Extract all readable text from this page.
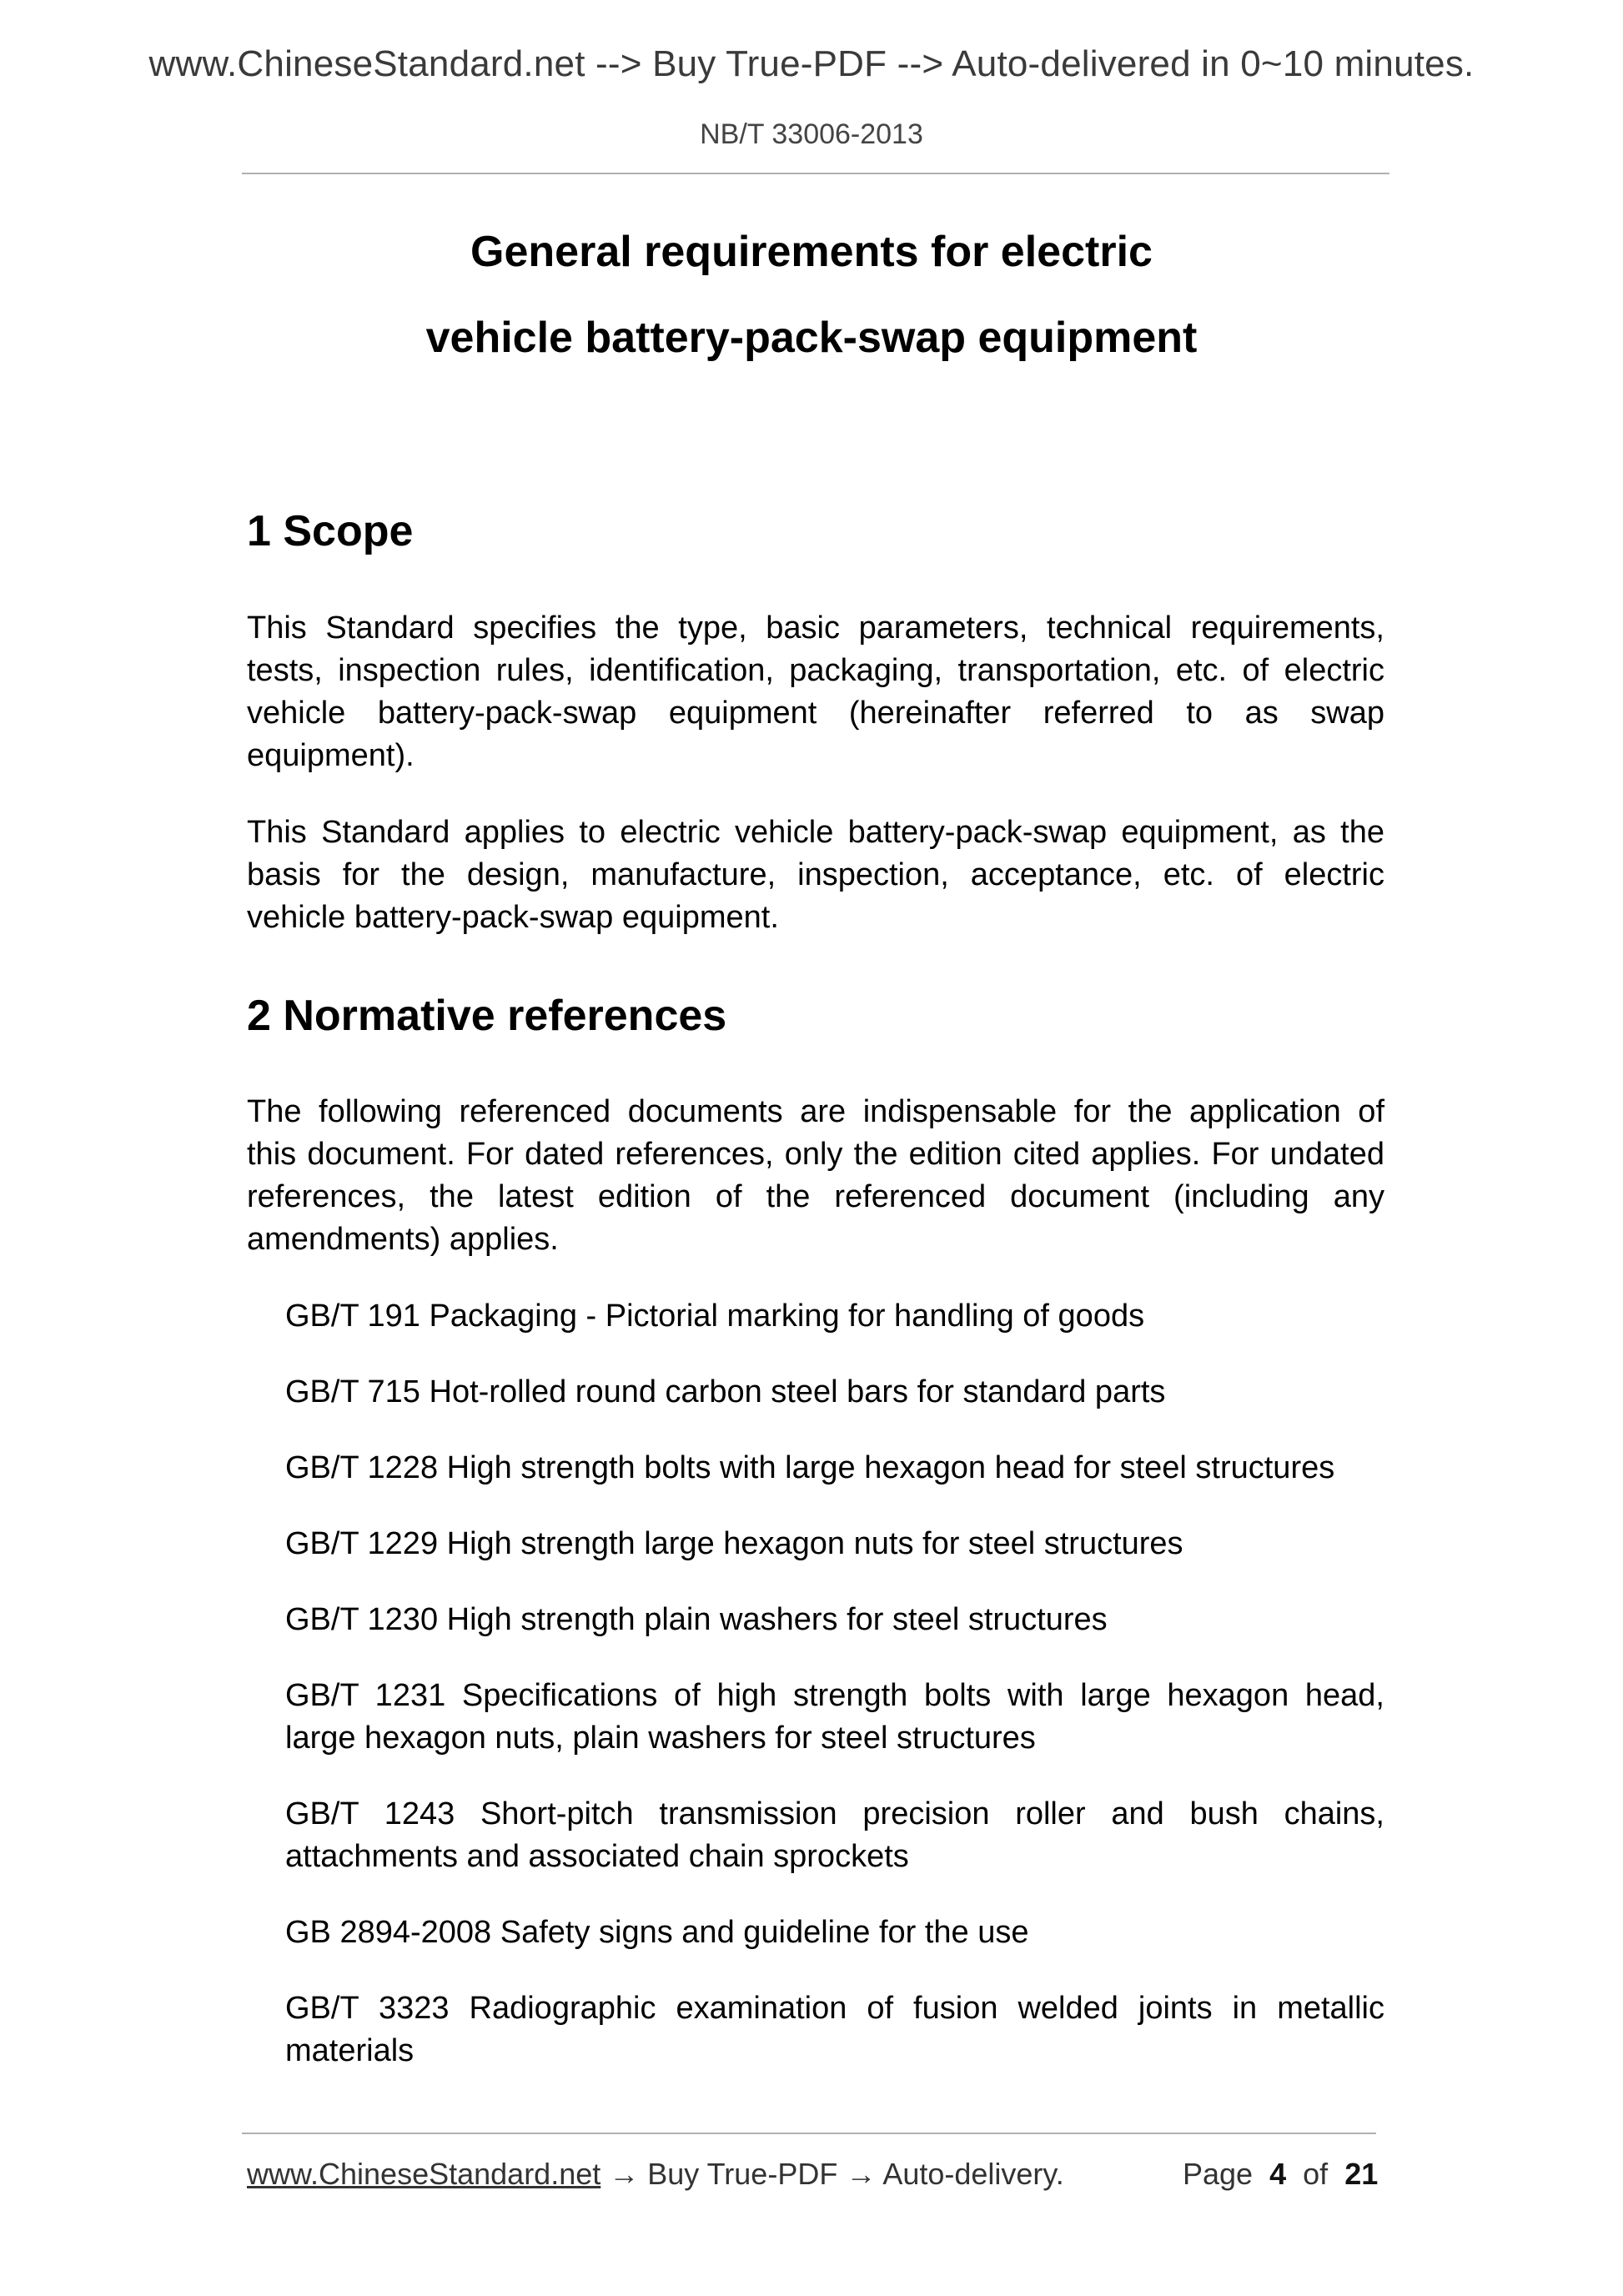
www.ChineseStandard.net --> Buy True-PDF --> Auto-delivered in 0~10 minutes.
NB/T 33006-2013
General requirements for electric
vehicle battery-pack-swap equipment
1 Scope
This Standard specifies the type, basic parameters, technical requirements,
tests, inspection rules, identification, packaging, transportation, etc. of electric
vehicle battery-pack-swap equipment (hereinafter referred to as swap
equipment).
This Standard applies to electric vehicle battery-pack-swap equipment, as the
basis for the design, manufacture, inspection, acceptance, etc. of electric
vehicle battery-pack-swap equipment.
2 Normative references
The following referenced documents are indispensable for the application of
this document. For dated references, only the edition cited applies. For undated
references, the latest edition of the referenced document (including any
amendments) applies.
GB/T 191 Packaging - Pictorial marking for handling of goods
GB/T 715 Hot-rolled round carbon steel bars for standard parts
GB/T 1228 High strength bolts with large hexagon head for steel structures
GB/T 1229 High strength large hexagon nuts for steel structures
GB/T 1230 High strength plain washers for steel structures
GB/T 1231 Specifications of high strength bolts with large hexagon head,
large hexagon nuts, plain washers for steel structures
GB/T 1243 Short-pitch transmission precision roller and bush chains,
attachments and associated chain sprockets
GB 2894-2008 Safety signs and guideline for the use
GB/T 3323 Radiographic examination of fusion welded joints in metallic
materials
www.ChineseStandard.net → Buy True-PDF → Auto-delivery.	Page 4 of 21
